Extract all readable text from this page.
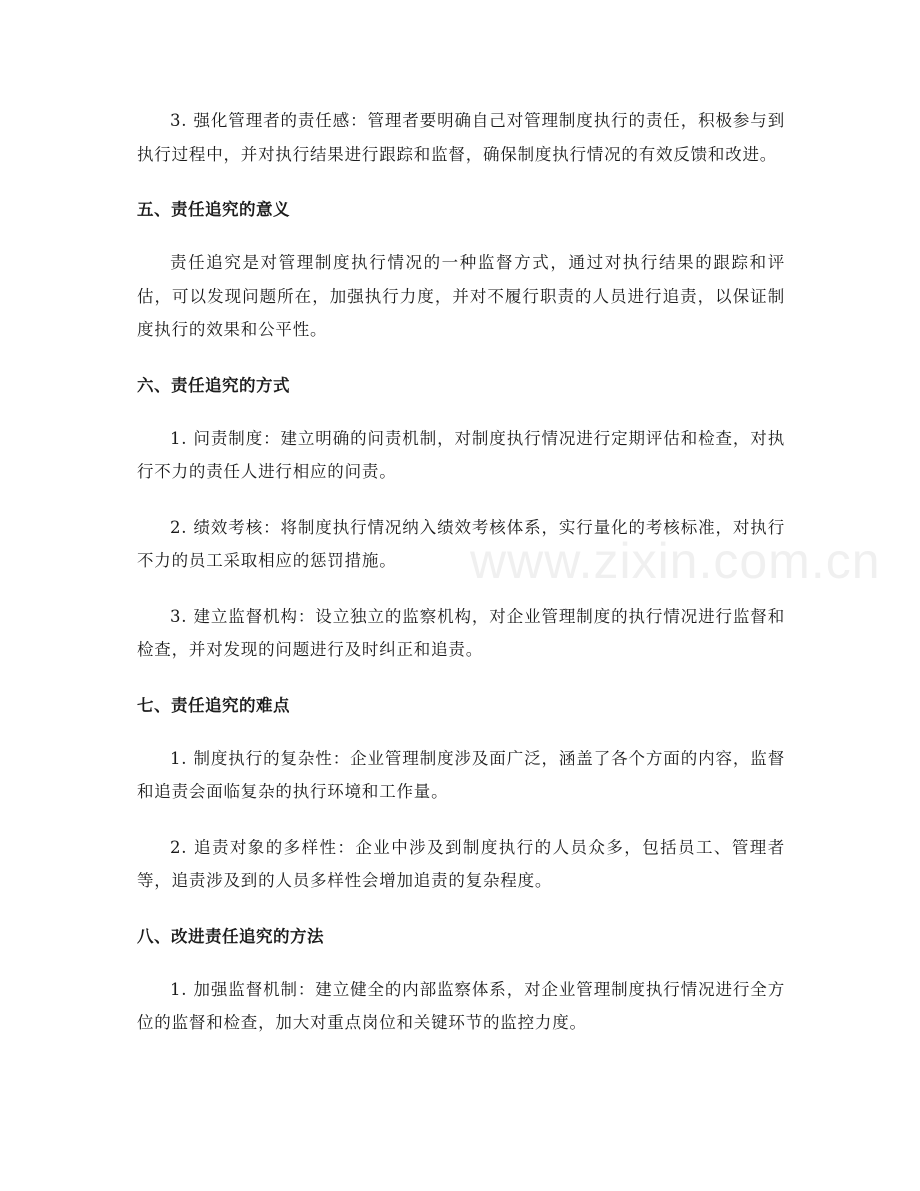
3. 强化管理者的责任感：管理者要明确自己对管理制度执行的责任，积极参与到执行过程中，并对执行结果进行跟踪和监督，确保制度执行情况的有效反馈和改进。

五、责任追究的意义

责任追究是对管理制度执行情况的一种监督方式，通过对执行结果的跟踪和评估，可以发现问题所在，加强执行力度，并对不履行职责的人员进行追责，以保证制度执行的效果和公平性。

六、责任追究的方式

1. 问责制度：建立明确的问责机制，对制度执行情况进行定期评估和检查，对执行不力的责任人进行相应的问责。

2. 绩效考核：将制度执行情况纳入绩效考核体系，实行量化的考核标准，对执行不力的员工采取相应的惩罚措施。

3. 建立监督机构：设立独立的监察机构，对企业管理制度的执行情况进行监督和检查，并对发现的问题进行及时纠正和追责。

七、责任追究的难点

1. 制度执行的复杂性：企业管理制度涉及面广泛，涵盖了各个方面的内容，监督和追责会面临复杂的执行环境和工作量。

2. 追责对象的多样性：企业中涉及到制度执行的人员众多，包括员工、管理者等，追责涉及到的人员多样性会增加追责的复杂程度。

八、改进责任追究的方法

1. 加强监督机制：建立健全的内部监察体系，对企业管理制度执行情况进行全方位的监督和检查，加大对重点岗位和关键环节的监控力度。

www.zixin.com.cn
